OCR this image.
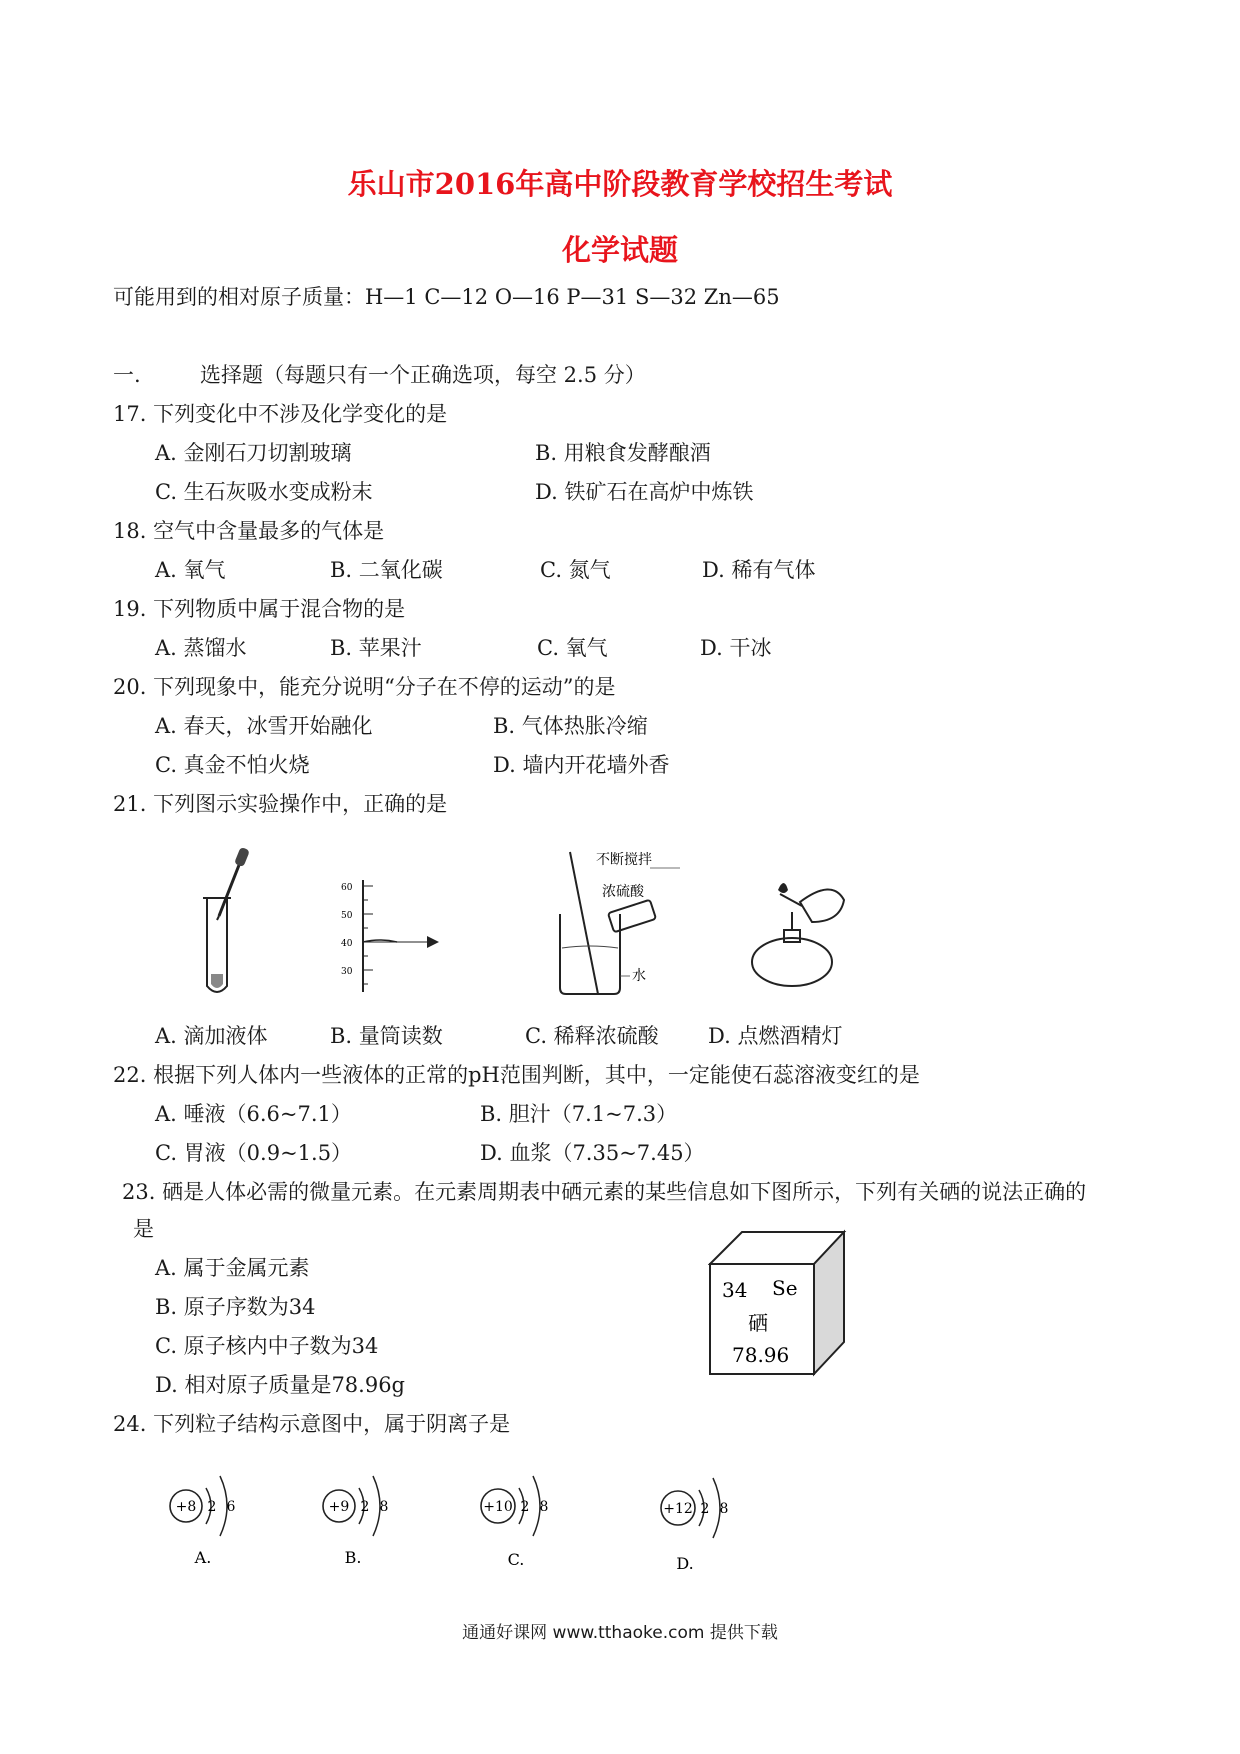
乐山市2016年高中阶段教育学校招生考试
化学试题
可能用到的相对原子质量：H—1 C—12 O—16 P—31 S—32 Zn—65
一.	选择题（每题只有一个正确选项，每空 2.5 分）
17. 下列变化中不涉及化学变化的是
A. 金刚石刀切割玻璃	B. 用粮食发酵酿酒
C. 生石灰吸水变成粉末	D. 铁矿石在高炉中炼铁
18. 空气中含量最多的气体是
A. 氧气	B. 二氧化碳	C. 氮气	D. 稀有气体
19. 下列物质中属于混合物的是
A. 蒸馏水	B. 苹果汁	C. 氧气	D. 干冰
20. 下列现象中，能充分说明“分子在不停的运动”的是
A. 春天，冰雪开始融化	B. 气体热胀冷缩
C. 真金不怕火烧	D. 墙内开花墙外香
21. 下列图示实验操作中，正确的是
60
50
40
30
不断搅拌
浓硫酸
水
A. 滴加液体	B. 量筒读数	C. 稀释浓硫酸 D. 点燃酒精灯
22. 根据下列人体内一些液体的正常的pH范围判断，其中，一定能使石蕊溶液变红的是
A. 唾液（6.6~7.1）	B. 胆汁（7.1~7.3）
C. 胃液（0.9~1.5）	D. 血浆（7.35~7.45）
23. 硒是人体必需的微量元素。在元素周期表中硒元素的某些信息如下图所示，下列有关硒的说法正确的
是
A. 属于金属元素
B. 原子序数为34
C. 原子核内中子数为34
D. 相对原子质量是78.96g
34 Se
硒
78.96
24. 下列粒子结构示意图中，属于阴离子是
+8 2 6
A.
+9 2 8
B.
+10 2 8
C.
+12 2 8
D.
通通好课网 www.tthaoke.com 提供下载
